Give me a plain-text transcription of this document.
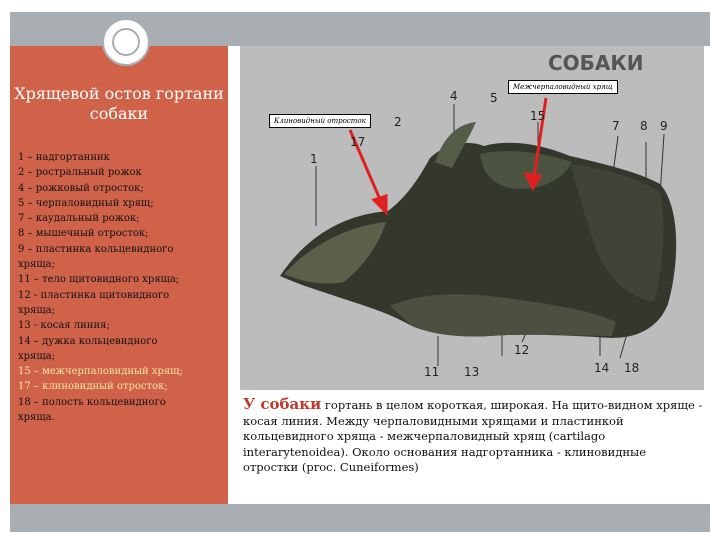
Хрящевой остов гортани собаки
1 – надгортанник
2 – ростральный рожок
4 – рожковый отросток;
5 – черпаловидный хрящ;
7 – каудальный рожок;
8 – мышечный отросток;
9 – пластинка кольцевидного
хряща;
11 – тело щитовидного хряща;
12 - пластинка щитовидного
хряща;
13 - косая линия;
14 – дужка кольцевидного
хряща;
15 – межчерпаловидный хрящ;
17 – клиновидный отросток;
18 – полость кольцевидного
хряща.
СОБАКИ
1
2
4	5
7 8 9
11
12
13	14
15
17
18
Межчерпаловидный хрящ
Клиновидный отросток
У собаки гортань в целом короткая, широкая. На щито-видном хряще - косая линия. Между черпаловидными хрящами и пластинкой кольцевидного хряща - межчерпаловидный хрящ (cartilago interarytenoidea). Около основания надгортанника - клиновидные отростки (proc. Cuneiformes)
